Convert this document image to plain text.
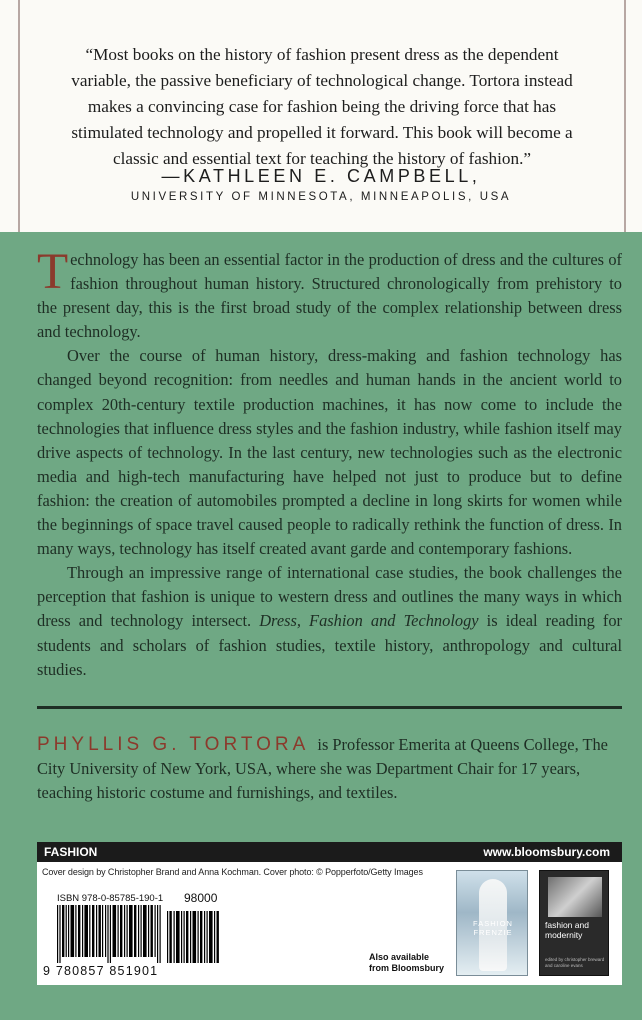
“Most books on the history of fashion present dress as the dependent variable, the passive beneficiary of technological change. Tortora instead makes a convincing case for fashion being the driving force that has stimulated technology and propelled it forward. This book will become a classic and essential text for teaching the history of fashion.”
—KATHLEEN E. CAMPBELL,
UNIVERSITY OF MINNESOTA, MINNEAPOLIS, USA

Technology has been an essential factor in the production of dress and the cultures of fashion throughout human history. Structured chronologically from prehistory to the present day, this is the first broad study of the complex relationship between dress and technology.

Over the course of human history, dress-making and fashion technology has changed beyond recognition: from needles and human hands in the ancient world to complex 20th-century textile production machines, it has now come to include the technologies that influence dress styles and the fashion industry, while fashion itself may drive aspects of technology. In the last century, new technologies such as the electronic media and high-tech manufacturing have helped not just to produce but to define fashion: the creation of automobiles prompted a decline in long skirts for women while the beginnings of space travel caused people to radically rethink the function of dress. In many ways, technology has itself created avant garde and contemporary fashions.

Through an impressive range of international case studies, the book challenges the perception that fashion is unique to western dress and outlines the many ways in which dress and technology intersect. Dress, Fashion and Technology is ideal reading for students and scholars of fashion studies, textile history, anthropology and cultural studies.

PHYLLIS G. TORTORA is Professor Emerita at Queens College, The City University of New York, USA, where she was Department Chair for 17 years, teaching historic costume and furnishings, and textiles.
FASHION	www.bloomsbury.com
Cover design by Christopher Brand and Anna Kochman. Cover photo: © Popperfoto/Getty Images
ISBN 978-0-85785-190-1 98000
9 780857 851901
Also available
from Bloomsbury
FASHION FRENZIE
fashion and modernity
edited by christopher breward and caroline evans
